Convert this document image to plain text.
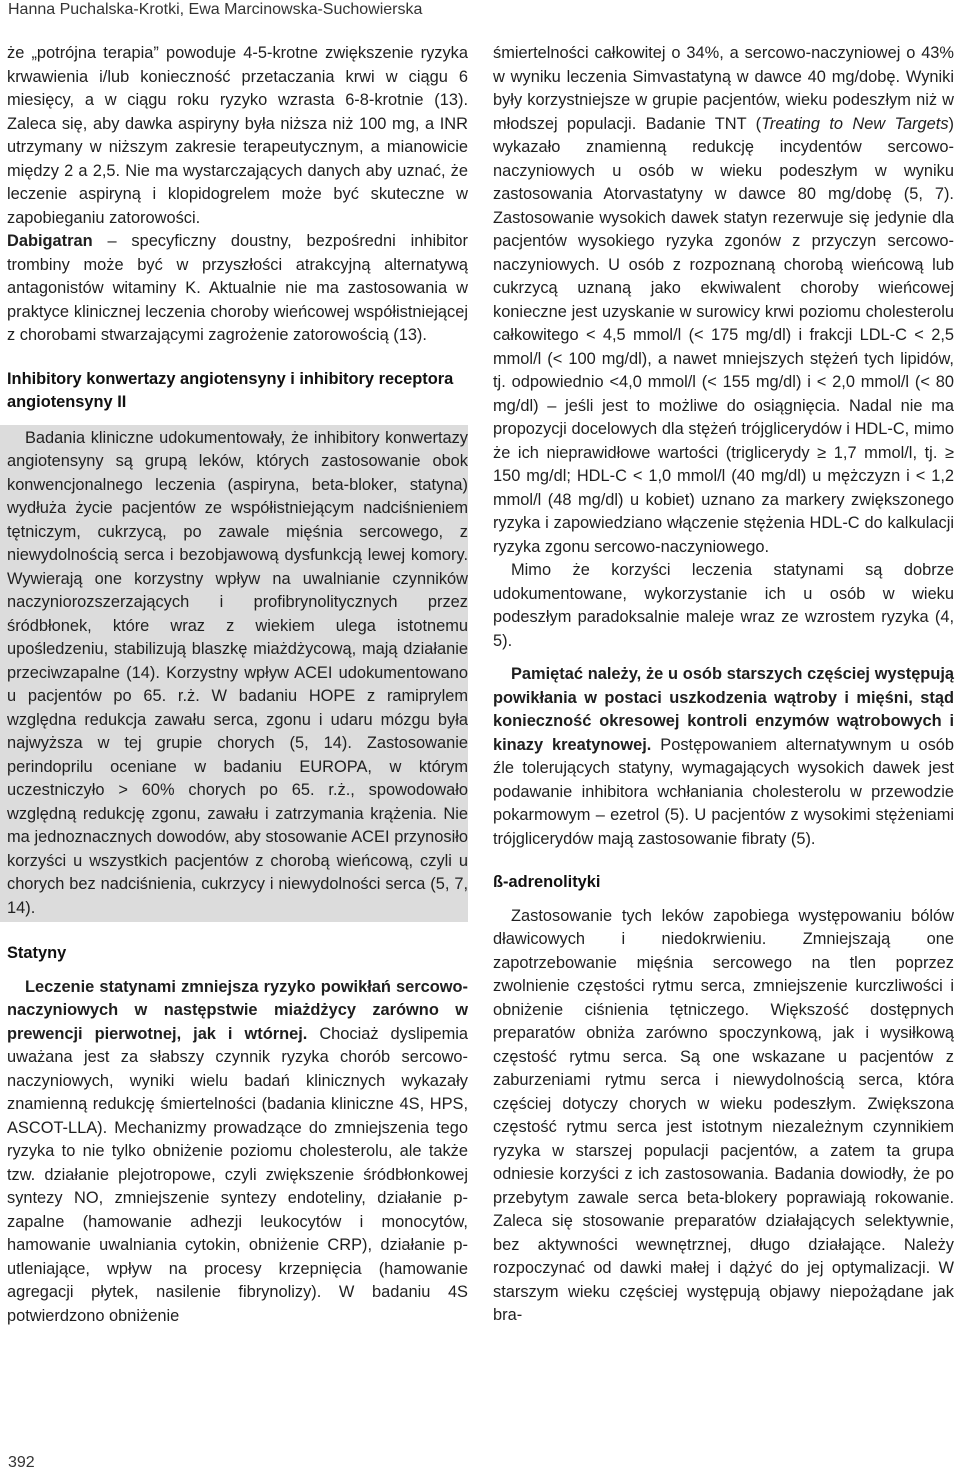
Hanna Puchalska-Krotki, Ewa Marcinowska-Suchowierska

że „potrójna terapia” powoduje 4-5-krotne zwiększenie ryzyka krwawienia i/lub konieczność przetaczania krwi w ciągu 6 miesięcy, a w ciągu roku ryzyko wzrasta 6-8-krotnie (13). Zaleca się, aby dawka aspiryny była niższa niż 100 mg, a INR utrzymany w niższym zakresie terapeutycznym, a mianowicie między 2 a 2,5. Nie ma wystarczających danych aby uznać, że leczenie aspiryną i klopidogrelem może być skuteczne w zapobieganiu zatorowości.

Dabigatran – specyficzny doustny, bezpośredni inhibitor trombiny może być w przyszłości atrakcyjną alternatywą antagonistów witaminy K. Aktualnie nie ma zastosowania w praktyce klinicznej leczenia choroby wieńcowej współistniejącej z chorobami stwarzającymi zagrożenie zatorowością (13).

Inhibitory konwertazy angiotensyny i inhibitory receptora angiotensyny II

Badania kliniczne udokumentowały, że inhibitory konwertazy angiotensyny są grupą leków, których zastosowanie obok konwencjonalnego leczenia (aspiryna, beta-bloker, statyna) wydłuża życie pacjentów ze współistniejącym nadciśnieniem tętniczym, cukrzycą, po zawale mięśnia sercowego, z niewydolnością serca i bezobjawową dysfunkcją lewej komory. Wywierają one korzystny wpływ na uwalnianie czynników naczyniorozszerzających i profibrynolitycznych przez śródbłonek, które wraz z wiekiem ulega istotnemu upośledzeniu, stabilizują blaszkę miażdżycową, mają działanie przeciwzapalne (14). Korzystny wpływ ACEI udokumentowano u pacjentów po 65. r.ż. W badaniu HOPE z ramiprylem względna redukcja zawału serca, zgonu i udaru mózgu była najwyższa w tej grupie chorych (5, 14). Zastosowanie perindoprilu oceniane w badaniu EUROPA, w którym uczestniczyło > 60% chorych po 65. r.ż., spowodowało względną redukcję zgonu, zawału i zatrzymania krążenia. Nie ma jednoznacznych dowodów, aby stosowanie ACEI przynosiło korzyści u wszystkich pacjentów z chorobą wieńcową, czyli u chorych bez nadciśnienia, cukrzycy i niewydolności serca (5, 7, 14).

Statyny

Leczenie statynami zmniejsza ryzyko powikłań sercowo-naczyniowych w następstwie miażdżycy zarówno w prewencji pierwotnej, jak i wtórnej. Chociaż dyslipemia uważana jest za słabszy czynnik ryzyka chorób sercowo-naczyniowych, wyniki wielu badań klinicznych wykazały znamienną redukcję śmiertelności (badania kliniczne 4S, HPS, ASCOT-LLA). Mechanizmy prowadzące do zmniejszenia tego ryzyka to nie tylko obniżenie poziomu cholesterolu, ale także tzw. działanie plejotropowe, czyli zwiększenie śródbłonkowej syntezy NO, zmniejszenie syntezy endoteliny, działanie p-zapalne (hamowanie adhezji leukocytów i monocytów, hamowanie uwalniania cytokin, obniżenie CRP), działanie p-utleniające, wpływ na procesy krzepnięcia (hamowanie agregacji płytek, nasilenie fibrynolizy). W badaniu 4S potwierdzono obniżenie

śmiertelności całkowitej o 34%, a sercowo-naczyniowej o 43% w wyniku leczenia Simvastatyną w dawce 40 mg/dobę. Wyniki były korzystniejsze w grupie pacjentów, wieku podeszłym niż w młodszej populacji. Badanie TNT (Treating to New Targets) wykazało znamienną redukcję incydentów sercowo-naczyniowych u osób w wieku podeszłym w wyniku zastosowania Atorvastatyny w dawce 80 mg/dobę (5, 7). Zastosowanie wysokich dawek statyn rezerwuje się jedynie dla pacjentów wysokiego ryzyka zgonów z przyczyn sercowo-naczyniowych. U osób z rozpoznaną chorobą wieńcową lub cukrzycą uznaną jako ekwiwalent choroby wieńcowej konieczne jest uzyskanie w surowicy krwi poziomu cholesterolu całkowitego < 4,5 mmol/l (< 175 mg/dl) i frakcji LDL-C < 2,5 mmol/l (< 100 mg/dl), a nawet mniejszych stężeń tych lipidów, tj. odpowiednio <4,0 mmol/l (< 155 mg/dl) i < 2,0 mmol/l (< 80 mg/dl) – jeśli jest to możliwe do osiągnięcia. Nadal nie ma propozycji docelowych dla stężeń trójglicerydów i HDL-C, mimo że ich nieprawidłowe wartości (triglicerydy ≥ 1,7 mmol/l, tj. ≥ 150 mg/dl; HDL-C < 1,0 mmol/l (40 mg/dl) u mężczyzn i < 1,2 mmol/l (48 mg/dl) u kobiet) uznano za markery zwiększonego ryzyka i zapowiedziano włączenie stężenia HDL-C do kalkulacji ryzyka zgonu sercowo-naczyniowego.

Mimo że korzyści leczenia statynami są dobrze udokumentowane, wykorzystanie ich u osób w wieku podeszłym paradoksalnie maleje wraz ze wzrostem ryzyka (4, 5).

Pamiętać należy, że u osób starszych częściej występują powikłania w postaci uszkodzenia wątroby i mięśni, stąd konieczność okresowej kontroli enzymów wątrobowych i kinazy kreatynowej. Postępowaniem alternatywnym u osób źle tolerujących statyny, wymagających wysokich dawek jest podawanie inhibitora wchłaniania cholesterolu w przewodzie pokarmowym – ezetrol (5). U pacjentów z wysokimi stężeniami trójglicerydów mają zastosowanie fibraty (5).

ß-adrenolityki

Zastosowanie tych leków zapobiega występowaniu bólów dławicowych i niedokrwieniu. Zmniejszają one zapotrzebowanie mięśnia sercowego na tlen poprzez zwolnienie częstości rytmu serca, zmniejszenie kurczliwości i obniżenie ciśnienia tętniczego. Większość dostępnych preparatów obniża zarówno spoczynkową, jak i wysiłkową częstość rytmu serca. Są one wskazane u pacjentów z zaburzeniami rytmu serca i niewydolnością serca, która częściej dotyczy chorych w wieku podeszłym. Zwiększona częstość rytmu serca jest istotnym niezależnym czynnikiem ryzyka w starszej populacji pacjentów, a zatem ta grupa odniesie korzyści z ich zastosowania. Badania dowiodły, że po przebytym zawale serca beta-blokery poprawiają rokowanie. Zaleca się stosowanie preparatów działających selektywnie, bez aktywności wewnętrznej, długo działające. Należy rozpoczynać od dawki małej i dążyć do jej optymalizacji. W starszym wieku częściej występują objawy niepożądane jak bra-

392
